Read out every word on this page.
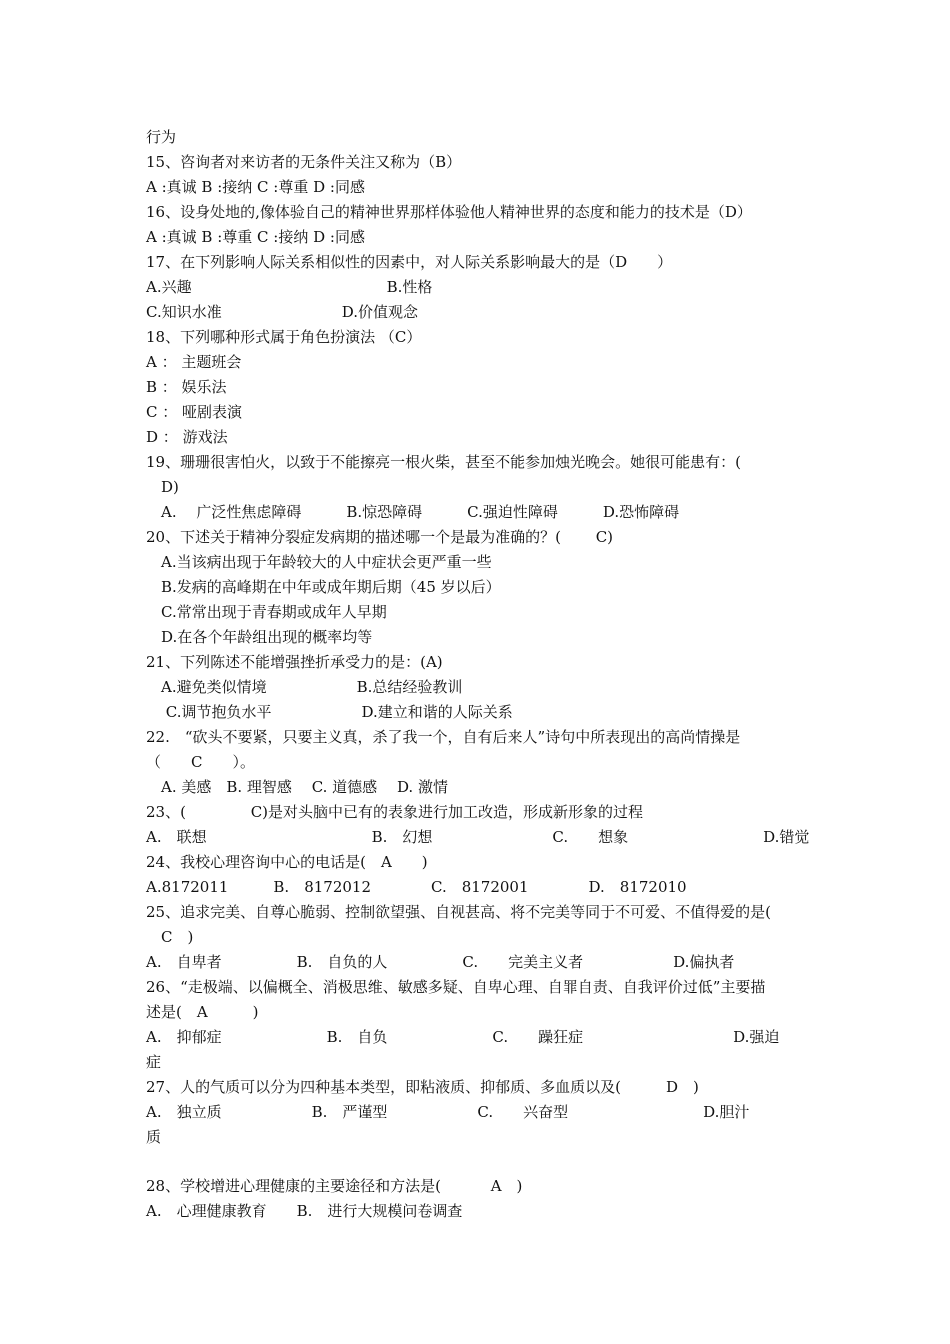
行为
15、咨询者对来访者的无条件关注又称为（B）
A :真诚 B :接纳 C :尊重 D :同感
16、设身处地的,像体验自己的精神世界那样体验他人精神世界的态度和能力的技术是（D）
A :真诚 B :尊重 C :接纳 D :同感
17、在下列影响人际关系相似性的因素中，对人际关系影响最大的是（D　　）
A.兴趣　　　　　　　　　　　　　B.性格
C.知识水准　　　　　　　　D.价值观念
18、下列哪种形式属于角色扮演法 （C）
A ： 主题班会
B ： 娱乐法
C ： 哑剧表演
D ： 游戏法
19、珊珊很害怕火，以致于不能擦亮一根火柴，甚至不能参加烛光晚会。她很可能患有：(
　D)
　A.　 广泛性焦虑障碍　　　B.惊恐障碍　　　C.强迫性障碍　　　D.恐怖障碍
20、下述关于精神分裂症发病期的描述哪一个是最为准确的？(　　 C)
　A.当该病出现于年龄较大的人中症状会更严重一些
　B.发病的高峰期在中年或成年期后期（45 岁以后）
　C.常常出现于青春期或成年人早期
　D.在各个年龄组出现的概率均等
21、下列陈述不能增强挫折承受力的是：(A)
　A.避免类似情境　　　　　　B.总结经验教训
　 C.调节抱负水平　　　　　　D.建立和谐的人际关系
22.　“砍头不要紧，只要主义真，杀了我一个，自有后来人”诗句中所表现出的高尚情操是
（　　C　　）。
　A. 美感　B. 理智感　 C. 道德感　 D. 激情
23、(　　　　 C)是对头脑中已有的表象进行加工改造，形成新形象的过程
A.　联想　　　　　　　　　　　B.　幻想　　　　　　　　C.　　想象　　　　　　　　　D.错觉
24、我校心理咨询中心的电话是(　A　　)
A.8172011　　　B.　8172012　　　　C.　8172001　　　　D.　8172010
25、追求完美、自尊心脆弱、控制欲望强、自视甚高、将不完美等同于不可爱、不值得爱的是(
　C　)
A.　自卑者　　　　　B.　自负的人　　　　　C.　　完美主义者　　　　　　D.偏执者
26、“走极端、以偏概全、消极思维、敏感多疑、自卑心理、自罪自责、自我评价过低”主要描
述是(　A　　　)
A.　抑郁症　　　　　　　B.　自负　　　　　　　C.　　躁狂症　　　　　　　　　　D.强迫
症
27、人的气质可以分为四种基本类型，即粘液质、抑郁质、多血质以及(　　　D　)
A.　独立质　　　　　　B.　严谨型　　　　　　C.　　兴奋型　　　　　　　　　D.胆汁
质
28、学校增进心理健康的主要途径和方法是(　　　 A　)
A.　心理健康教育　　B.　进行大规模问卷调查
